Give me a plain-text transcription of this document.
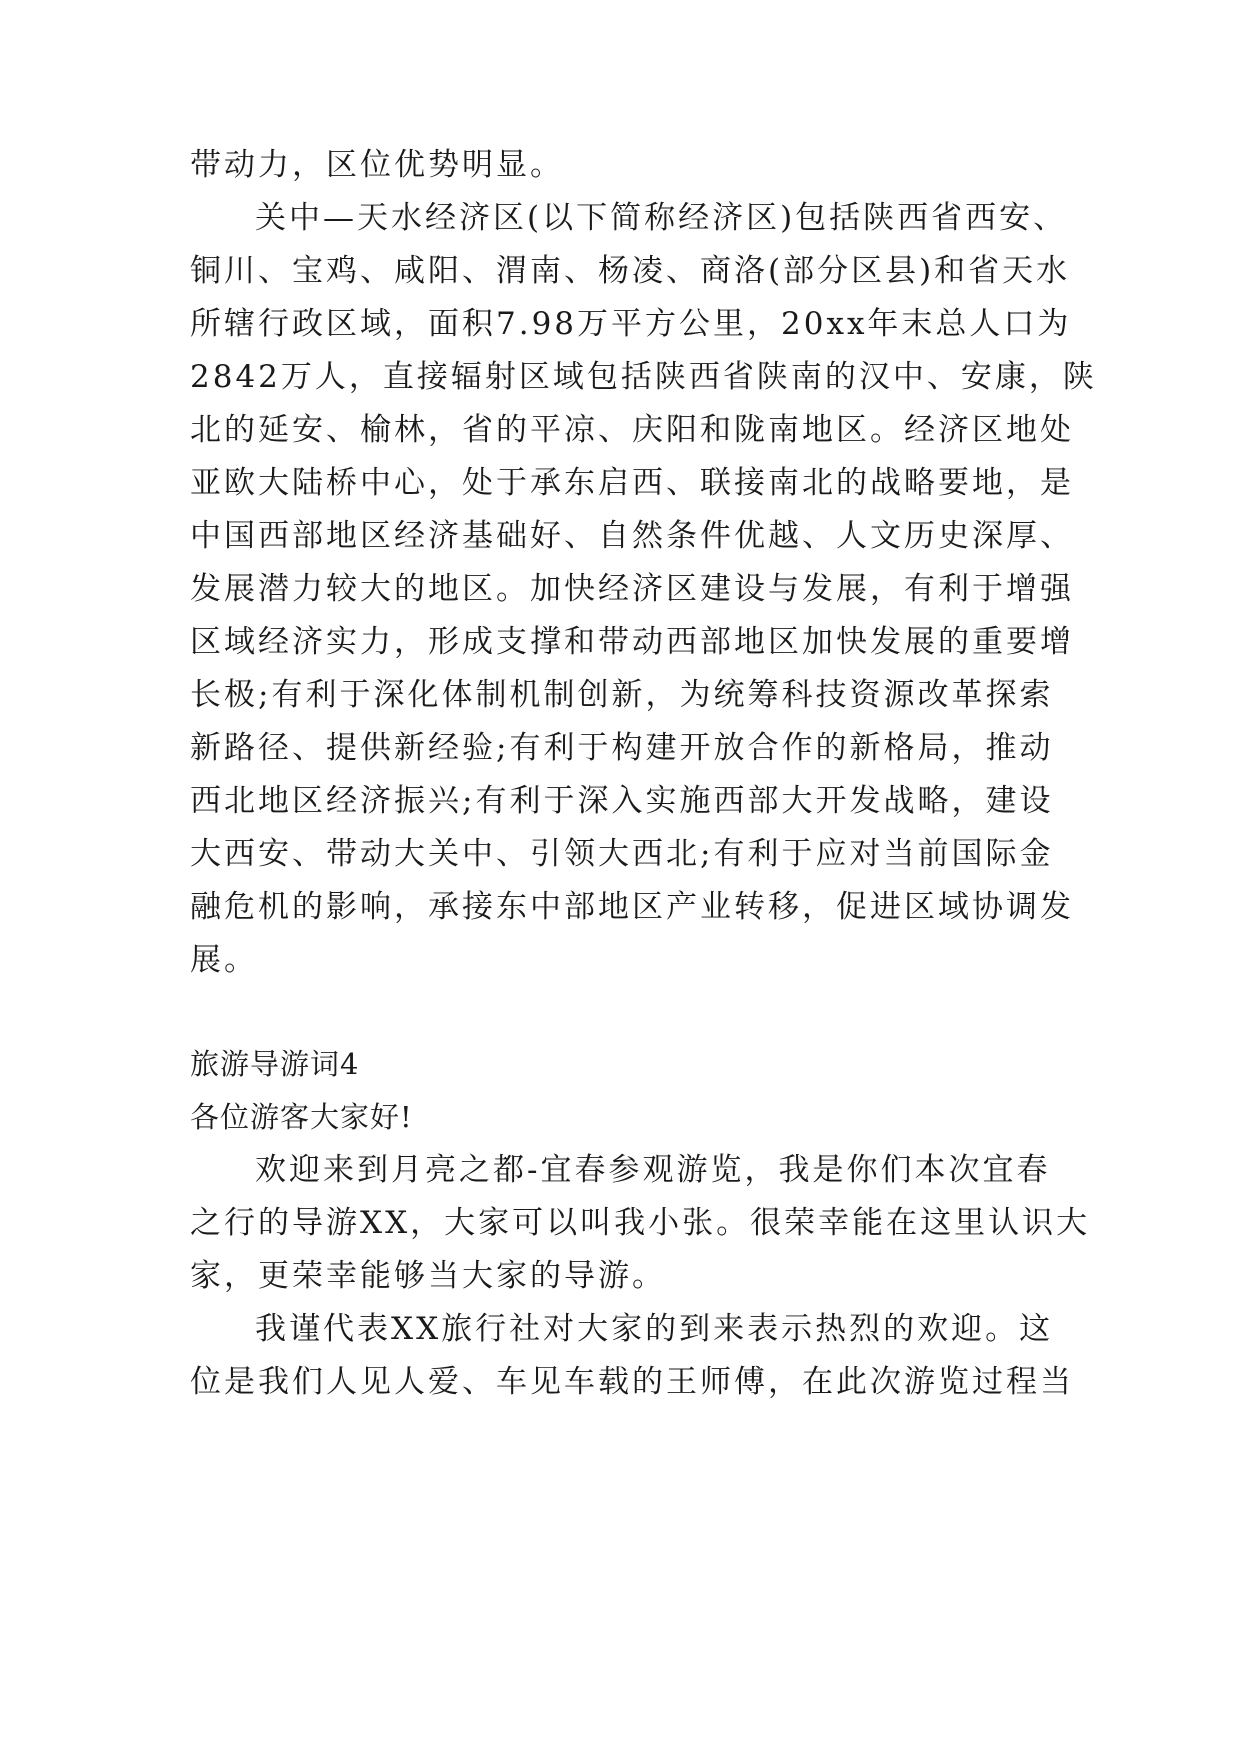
带动力，区位优势明显。
关中—天水经济区(以下简称经济区)包括陕西省西安、
铜川、宝鸡、咸阳、渭南、杨凌、商洛(部分区县)和省天水
所辖行政区域，面积7.98万平方公里，20xx年末总人口为
2842万人，直接辐射区域包括陕西省陕南的汉中、安康，陕
北的延安、榆林，省的平凉、庆阳和陇南地区。经济区地处
亚欧大陆桥中心，处于承东启西、联接南北的战略要地，是
中国西部地区经济基础好、自然条件优越、人文历史深厚、
发展潜力较大的地区。加快经济区建设与发展，有利于增强
区域经济实力，形成支撑和带动西部地区加快发展的重要增
长极;有利于深化体制机制创新，为统筹科技资源改革探索
新路径、提供新经验;有利于构建开放合作的新格局，推动
西北地区经济振兴;有利于深入实施西部大开发战略，建设
大西安、带动大关中、引领大西北;有利于应对当前国际金
融危机的影响，承接东中部地区产业转移，促进区域协调发
展。
旅游导游词4
各位游客大家好!
欢迎来到月亮之都-宜春参观游览，我是你们本次宜春
之行的导游XX，大家可以叫我小张。很荣幸能在这里认识大
家，更荣幸能够当大家的导游。
我谨代表XX旅行社对大家的到来表示热烈的欢迎。这
位是我们人见人爱、车见车载的王师傅，在此次游览过程当
